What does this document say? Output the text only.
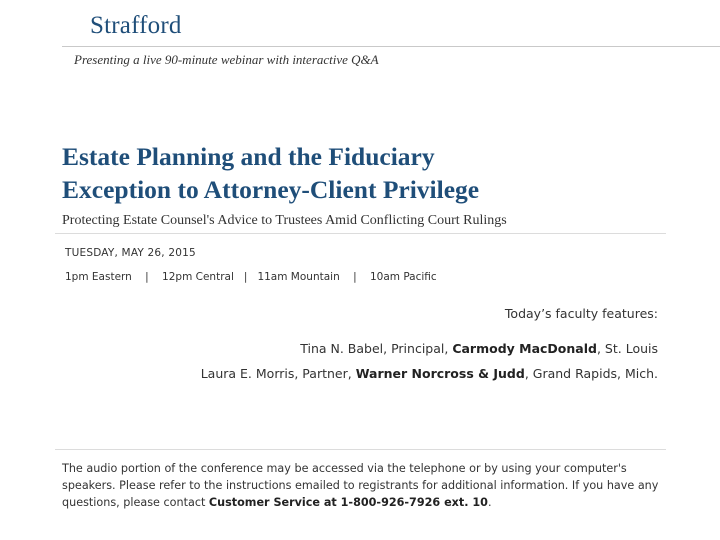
Strafford
Presenting a live 90-minute webinar with interactive Q&A
Estate Planning and the Fiduciary
Exception to Attorney-Client Privilege
Protecting Estate Counsel's Advice to Trustees Amid Conflicting Court Rulings
TUESDAY, MAY 26, 2015
1pm Eastern    |    12pm Central   |   11am Mountain    |    10am Pacific
Today’s faculty features:
Tina N. Babel, Principal, Carmody MacDonald, St. Louis
Laura E. Morris, Partner, Warner Norcross & Judd, Grand Rapids, Mich.
The audio portion of the conference may be accessed via the telephone or by using your computer's speakers. Please refer to the instructions emailed to registrants for additional information. If you have any questions, please contact Customer Service at 1-800-926-7926 ext. 10.
